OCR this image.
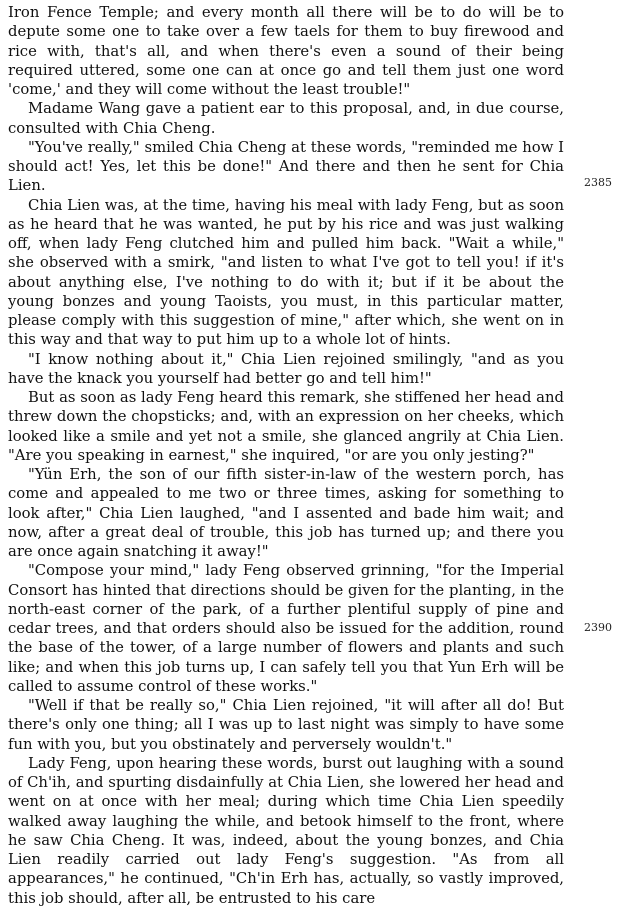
Iron Fence Temple; and every month all there will be to do will be to depute some one to take over a few taels for them to buy firewood and rice with, that's all, and when there's even a sound of their being required uttered, some one can at once go and tell them just one word 'come,' and they will come without the least trouble!"

Madame Wang gave a patient ear to this proposal, and, in due course, consulted with Chia Cheng.

"You've really," smiled Chia Cheng at these words, "reminded me how I should act! Yes, let this be done!" And there and then he sent for Chia Lien.

Chia Lien was, at the time, having his meal with lady Feng, but as soon as he heard that he was wanted, he put by his rice and was just walking off, when lady Feng clutched him and pulled him back. "Wait a while," she observed with a smirk, "and listen to what I've got to tell you! if it's about anything else, I've nothing to do with it; but if it be about the young bonzes and young Taoists, you must, in this particular matter, please comply with this suggestion of mine," after which, she went on in this way and that way to put him up to a whole lot of hints.

"I know nothing about it," Chia Lien rejoined smilingly, "and as you have the knack you yourself had better go and tell him!"

But as soon as lady Feng heard this remark, she stiffened her head and threw down the chopsticks; and, with an expression on her cheeks, which looked like a smile and yet not a smile, she glanced angrily at Chia Lien. "Are you speaking in earnest," she inquired, "or are you only jesting?"

"Yün Erh, the son of our fifth sister-in-law of the western porch, has come and appealed to me two or three times, asking for something to look after," Chia Lien laughed, "and I assented and bade him wait; and now, after a great deal of trouble, this job has turned up; and there you are once again snatching it away!"

"Compose your mind," lady Feng observed grinning, "for the Imperial Consort has hinted that directions should be given for the planting, in the north-east corner of the park, of a further plentiful supply of pine and cedar trees, and that orders should also be issued for the addition, round the base of the tower, of a large number of flowers and plants and such like; and when this job turns up, I can safely tell you that Yun Erh will be called to assume control of these works."

"Well if that be really so," Chia Lien rejoined, "it will after all do! But there's only one thing; all I was up to last night was simply to have some fun with you, but you obstinately and perversely wouldn't."

Lady Feng, upon hearing these words, burst out laughing with a sound of Ch'ih, and spurting disdainfully at Chia Lien, she lowered her head and went on at once with her meal; during which time Chia Lien speedily walked away laughing the while, and betook himself to the front, where he saw Chia Cheng. It was, indeed, about the young bonzes, and Chia Lien readily carried out lady Feng's suggestion. "As from all appearances," he continued, "Ch'in Erh has, actually, so vastly improved, this job should, after all, be entrusted to his care

2385
2390
